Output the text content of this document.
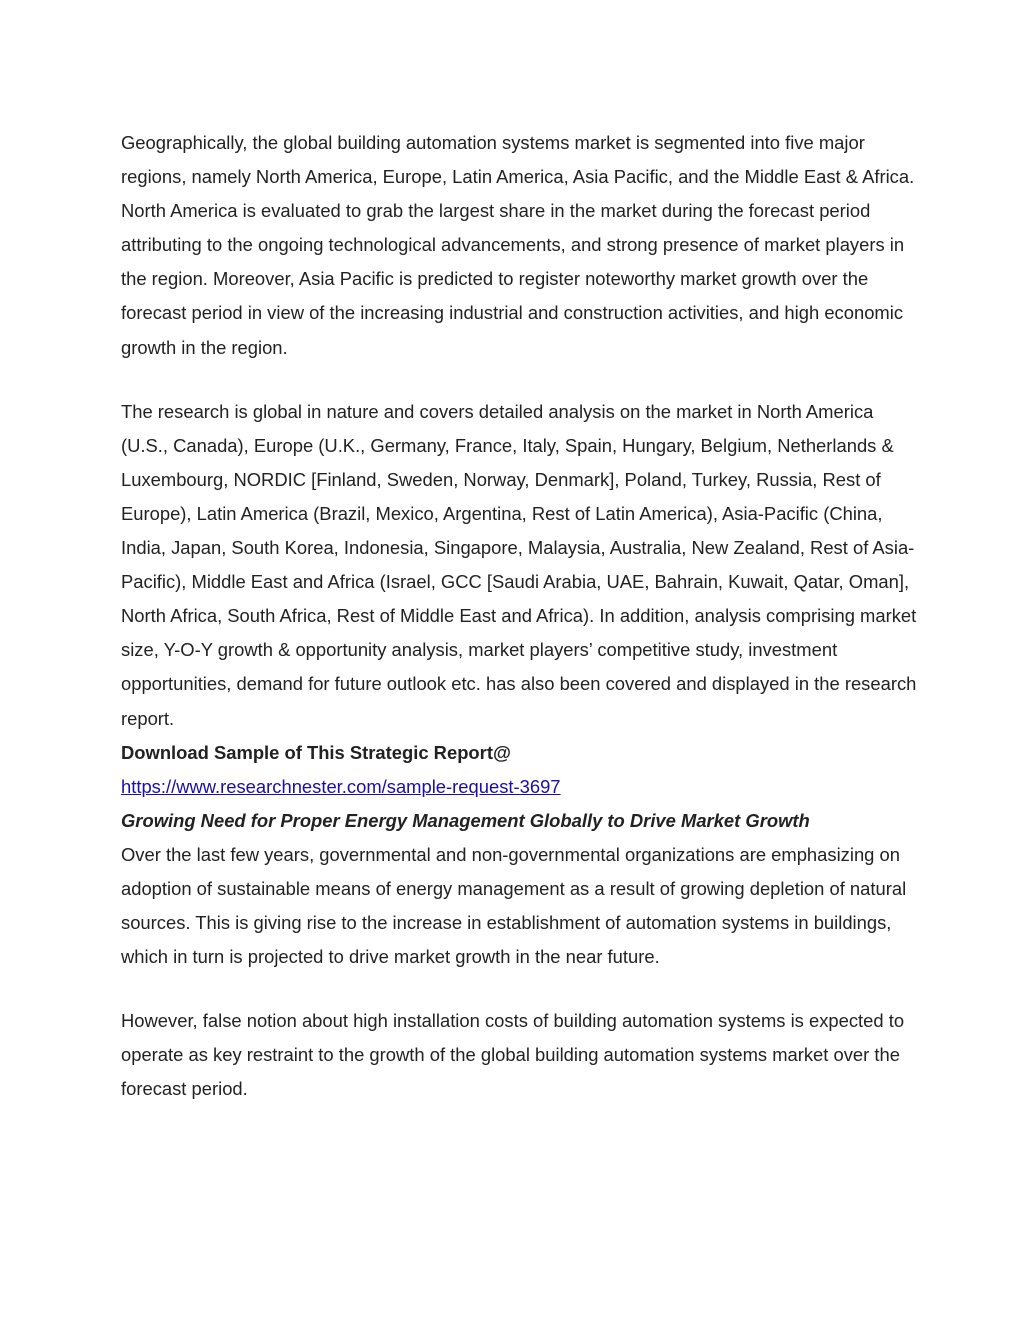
Geographically, the global building automation systems market is segmented into five major regions, namely North America, Europe, Latin America, Asia Pacific, and the Middle East & Africa. North America is evaluated to grab the largest share in the market during the forecast period attributing to the ongoing technological advancements, and strong presence of market players in the region. Moreover, Asia Pacific is predicted to register noteworthy market growth over the forecast period in view of the increasing industrial and construction activities, and high economic growth in the region.

The research is global in nature and covers detailed analysis on the market in North America (U.S., Canada), Europe (U.K., Germany, France, Italy, Spain, Hungary, Belgium, Netherlands & Luxembourg, NORDIC [Finland, Sweden, Norway, Denmark], Poland, Turkey, Russia, Rest of Europe), Latin America (Brazil, Mexico, Argentina, Rest of Latin America), Asia-Pacific (China, India, Japan, South Korea, Indonesia, Singapore, Malaysia, Australia, New Zealand, Rest of Asia-Pacific), Middle East and Africa (Israel, GCC [Saudi Arabia, UAE, Bahrain, Kuwait, Qatar, Oman], North Africa, South Africa, Rest of Middle East and Africa). In addition, analysis comprising market size, Y-O-Y growth & opportunity analysis, market players’ competitive study, investment opportunities, demand for future outlook etc. has also been covered and displayed in the research report.

Download Sample of This Strategic Report@

https://www.researchnester.com/sample-request-3697

Growing Need for Proper Energy Management Globally to Drive Market Growth

Over the last few years, governmental and non-governmental organizations are emphasizing on adoption of sustainable means of energy management as a result of growing depletion of natural sources. This is giving rise to the increase in establishment of automation systems in buildings, which in turn is projected to drive market growth in the near future.

However, false notion about high installation costs of building automation systems is expected to operate as key restraint to the growth of the global building automation systems market over the forecast period.
